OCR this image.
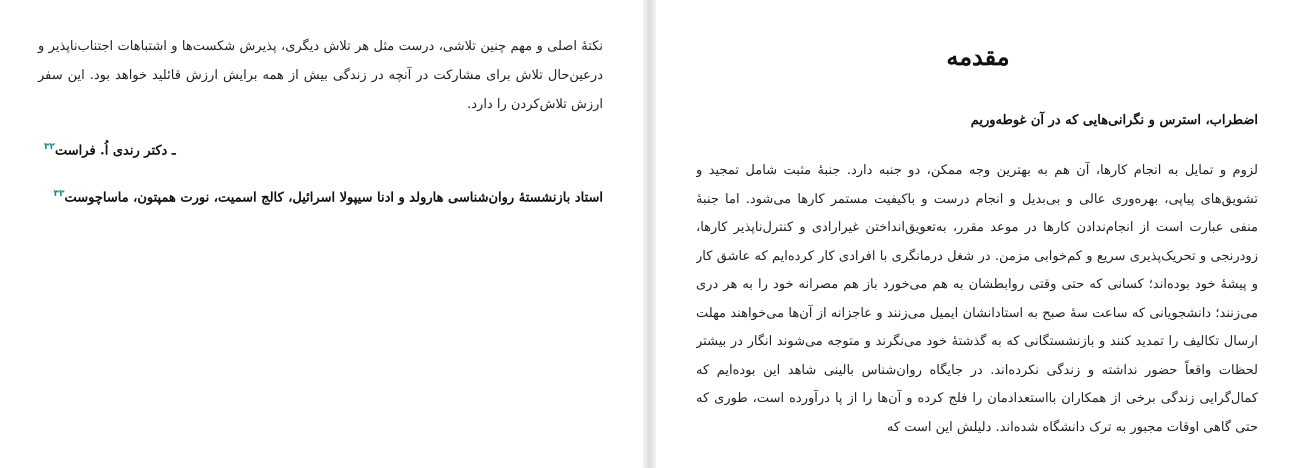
نکتهٔ اصلی و مهم چنین تلاشی، درست مثل هر تلاش دیگری، پذیرش شکست‌ها و اشتباهات اجتناب‌ناپذیر و درعین‌حال تلاش برای مشارکت در آنچه در زندگی بیش از همه برایش ارزش قائلید خواهد بود. این سفر ارزش تلاش‌کردن را دارد.

ـ دکتر رندی اُ. فراست$^{۳۲}$

استاد بازنشستهٔ روان‌شناسی هارولد و ادنا سیپولا اسرائیل، کالج اسمیت، نورت همپتون، ماساچوست$^{۳۳}$

مقدمه
اضطراب، استرس و نگرانی‌هایی که در آن غوطه‌وریم

لزوم و تمایل به انجام کارها، آن هم به بهترین وجه ممکن، دو جنبه دارد. جنبهٔ مثبت شامل تمجید و تشویق‌های پیاپی، بهره‌وری عالی و بی‌بدیل و انجام درست و باکیفیت مستمر کارها می‌شود. اما جنبهٔ منفی عبارت است از انجام‌ندادن کارها در موعد مقرر، به‌تعویق‌انداختن غیرارادی و کنترل‌ناپذیر کارها، زودرنجی و تحریک‌پذیری سریع و کم‌خوابی مزمن. در شغل درمانگری با افرادی کار کرده‌ایم که عاشق کار و پیشهٔ خود بوده‌اند؛ کسانی که حتی وقتی روابطشان به هم می‌خورد باز هم مصرانه خود را به هر دری می‌زنند؛ دانشجویانی که ساعت سهٔ صبح به استادانشان ایمیل می‌زنند و عاجزانه از آن‌ها می‌خواهند مهلت ارسال تکالیف را تمدید کنند و بازنشستگانی که به گذشتهٔ خود می‌نگرند و متوجه می‌شوند انگار در بیشتر لحظات واقعاً حضور نداشته و زندگی نکرده‌اند. در جایگاه روان‌شناس بالینی شاهد این بوده‌ایم که کمال‌گرایی زندگی برخی از همکاران بااستعدادمان را فلج کرده و آن‌ها را از پا درآورده است، طوری که حتی گاهی اوقات مجبور به ترک دانشگاه شده‌اند. دلیلش این است که
